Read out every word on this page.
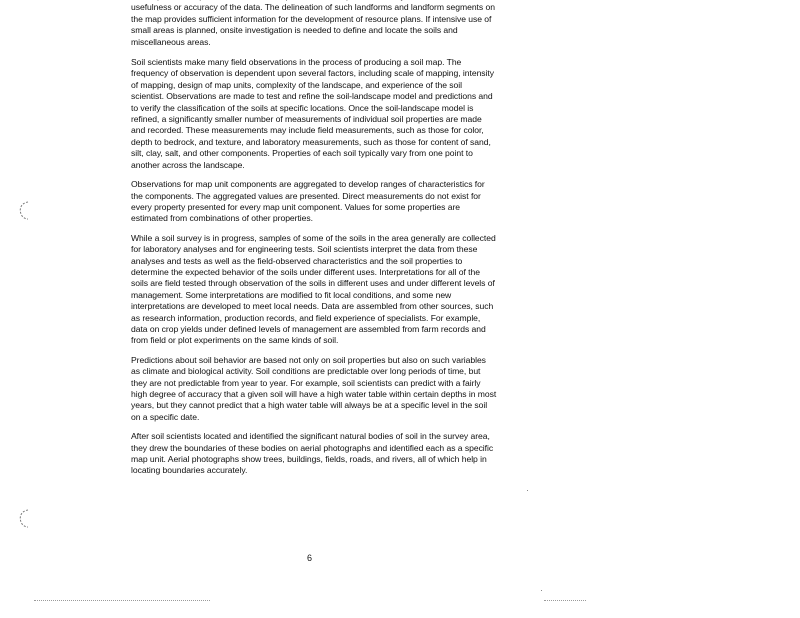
usefulness or accuracy of the data. The delineation of such landforms and landform segments on the map provides sufficient information for the development of resource plans. If intensive use of small areas is planned, onsite investigation is needed to define and locate the soils and miscellaneous areas.

Soil scientists make many field observations in the process of producing a soil map. The frequency of observation is dependent upon several factors, including scale of mapping, intensity of mapping, design of map units, complexity of the landscape, and experience of the soil scientist. Observations are made to test and refine the soil-landscape model and predictions and to verify the classification of the soils at specific locations. Once the soil-landscape model is refined, a significantly smaller number of measurements of individual soil properties are made and recorded. These measurements may include field measurements, such as those for color, depth to bedrock, and texture, and laboratory measurements, such as those for content of sand, silt, clay, salt, and other components. Properties of each soil typically vary from one point to another across the landscape.

Observations for map unit components are aggregated to develop ranges of characteristics for the components. The aggregated values are presented. Direct measurements do not exist for every property presented for every map unit component. Values for some properties are estimated from combinations of other properties.

While a soil survey is in progress, samples of some of the soils in the area generally are collected for laboratory analyses and for engineering tests. Soil scientists interpret the data from these analyses and tests as well as the field-observed characteristics and the soil properties to determine the expected behavior of the soils under different uses. Interpretations for all of the soils are field tested through observation of the soils in different uses and under different levels of management. Some interpretations are modified to fit local conditions, and some new interpretations are developed to meet local needs. Data are assembled from other sources, such as research information, production records, and field experience of specialists. For example, data on crop yields under defined levels of management are assembled from farm records and from field or plot experiments on the same kinds of soil.

Predictions about soil behavior are based not only on soil properties but also on such variables as climate and biological activity. Soil conditions are predictable over long periods of time, but they are not predictable from year to year. For example, soil scientists can predict with a fairly high degree of accuracy that a given soil will have a high water table within certain depths in most years, but they cannot predict that a high water table will always be at a specific level in the soil on a specific date.

After soil scientists located and identified the significant natural bodies of soil in the survey area, they drew the boundaries of these bodies on aerial photographs and identified each as a specific map unit. Aerial photographs show trees, buildings, fields, roads, and rivers, all of which help in locating boundaries accurately.

6
